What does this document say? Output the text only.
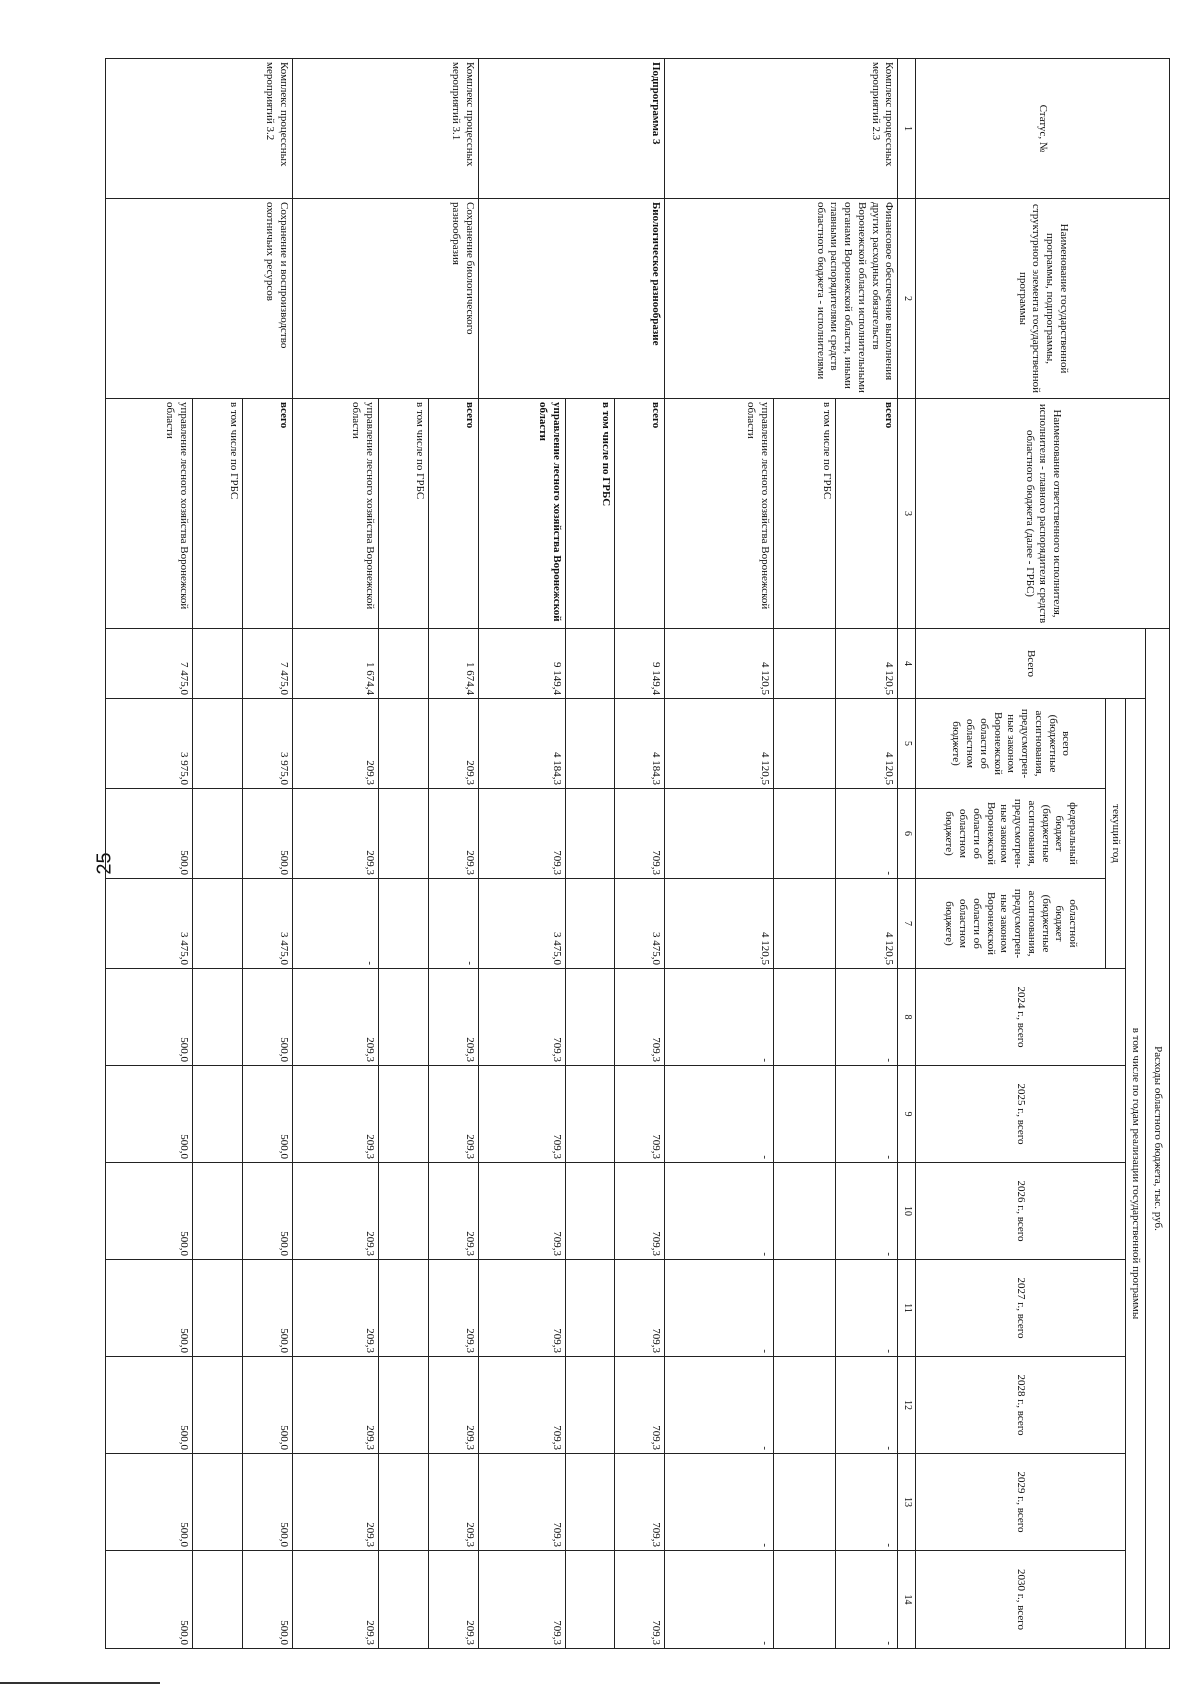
25
Статус, №	Наименование государственной программы, подпрограммы, структурного элемента государственной программы	Наименование ответственного исполнителя, исполнителя - главного распорядителя средств областного бюджета (далее - ГРБС)	Расходы областного бюджета, тыс. руб.										
			Всего	в том числе по годам реализации государственной программы									
				текущий год			2024 г., всего	2025 г., всего	2026 г., всего	2027 г., всего	2028 г., всего	2029 г., всего	2030 г., всего
				всего (бюджетные ассигнования, предусмотрен-ные законом Воронежской области об областном бюджете)	федеральный бюджет (бюджетные ассигнования, предусмотрен-ные законом Воронежской области об областном бюджете)	областной бюджет (бюджетные ассигнования, предусмотрен-ные законом Воронежской области об областном бюджете)							
1	2	3	4	5	6	7	8	9	10	11	12	13	14
Комплекс процессных мероприятий 2.3	Финансовое обеспечение выполнения других расходных обязательств Воронежской области исполнительными органами Воронежской области, иными главными распорядителями средств областного бюджета - исполнителями	всего	4 120,5	4 120,5	-	4 120,5	-	-	-	-	-	-	-
		в том числе по ГРБС											
		управление лесного хозяйства Воронежской области	4 120,5	4 120,5		4 120,5	-	-	-	-	-	-	-
Подпрограмма 3	Биологическое разнообразие	всего	9 149,4	4 184,3	709,3	3 475,0	709,3	709,3	709,3	709,3	709,3	709,3	709,3
		в том числе по ГРБС											
		управление лесного хозяйства Воронежской области	9 149,4	4 184,3	709,3	3 475,0	709,3	709,3	709,3	709,3	709,3	709,3	709,3
Комплекс процессных мероприятий 3.1	Сохранение биологического разнообразия	всего	1 674,4	209,3	209,3	-	209,3	209,3	209,3	209,3	209,3	209,3	209,3
		в том числе по ГРБС											
		управление лесного хозяйства Воронежской области	1 674,4	209,3	209,3	-	209,3	209,3	209,3	209,3	209,3	209,3	209,3
Комплекс процессных мероприятий 3.2	Сохранение и воспроизводство охотничьих ресурсов	всего	7 475,0	3 975,0	500,0	3 475,0	500,0	500,0	500,0	500,0	500,0	500,0	500,0
		в том числе по ГРБС											
		управление лесного хозяйства Воронежской области	7 475,0	3 975,0	500,0	3 475,0	500,0	500,0	500,0	500,0	500,0	500,0	500,0
